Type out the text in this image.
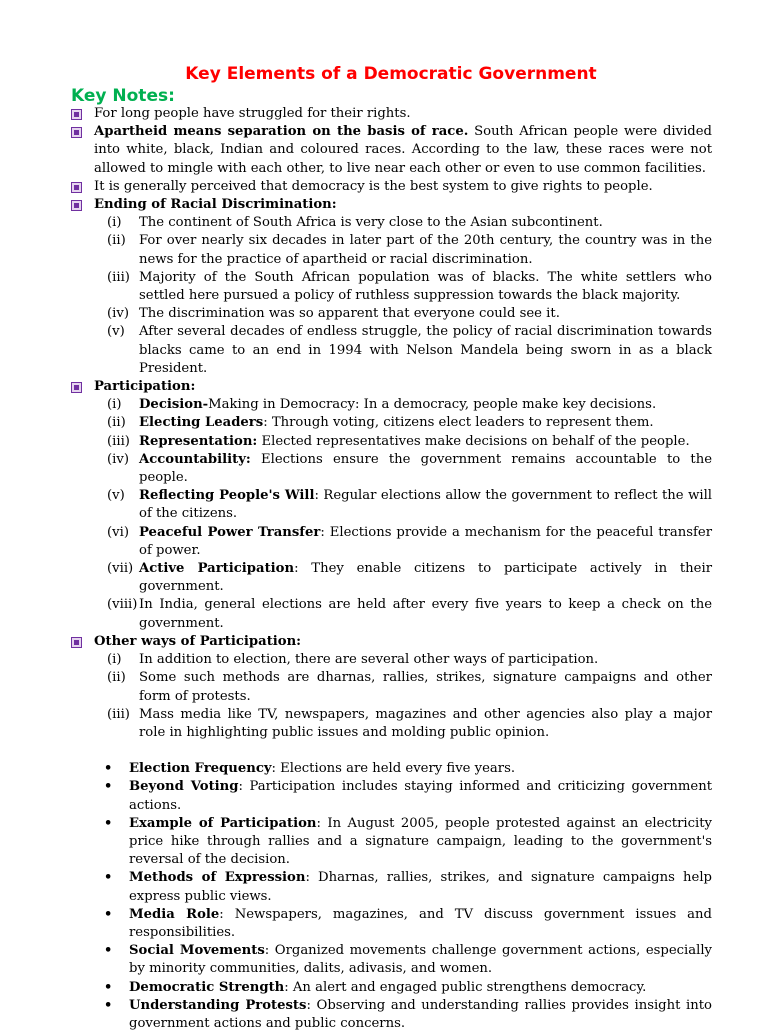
Key Elements of a Democratic Government
Key Notes:
For long people have struggled for their rights.
Apartheid means separation on the basis of race. South African people were divided into white, black, Indian and coloured races. According to the law, these races were not allowed to mingle with each other, to live near each other or even to use common facilities.
It is generally perceived that democracy is the best system to give rights to people.
Ending of Racial Discrimination:
(i) The continent of South Africa is very close to the Asian subcontinent.
(ii) For over nearly six decades in later part of the 20th century, the country was in the news for the practice of apartheid or racial discrimination.
(iii) Majority of the South African population was of blacks. The white settlers who settled here pursued a policy of ruthless suppression towards the black majority.
(iv) The discrimination was so apparent that everyone could see it.
(v) After several decades of endless struggle, the policy of racial discrimination towards blacks came to an end in 1994 with Nelson Mandela being sworn in as a black President.
Participation:
(i) Decision-Making in Democracy: In a democracy, people make key decisions.
(ii) Electing Leaders: Through voting, citizens elect leaders to represent them.
(iii) Representation: Elected representatives make decisions on behalf of the people.
(iv) Accountability: Elections ensure the government remains accountable to the people.
(v) Reflecting People's Will: Regular elections allow the government to reflect the will of the citizens.
(vi) Peaceful Power Transfer: Elections provide a mechanism for the peaceful transfer of power.
(vii) Active Participation: They enable citizens to participate actively in their government.
(viii) In India, general elections are held after every five years to keep a check on the government.
Other ways of Participation:
(i) In addition to election, there are several other ways of participation.
(ii) Some such methods are dharnas, rallies, strikes, signature campaigns and other form of protests.
(iii) Mass media like TV, newspapers, magazines and other agencies also play a major role in highlighting public issues and molding public opinion.
• Election Frequency: Elections are held every five years.
• Beyond Voting: Participation includes staying informed and criticizing government actions.
• Example of Participation: In August 2005, people protested against an electricity price hike through rallies and a signature campaign, leading to the government's reversal of the decision.
• Methods of Expression: Dharnas, rallies, strikes, and signature campaigns help express public views.
• Media Role: Newspapers, magazines, and TV discuss government issues and responsibilities.
• Social Movements: Organized movements challenge government actions, especially by minority communities, dalits, adivasis, and women.
• Democratic Strength: An alert and engaged public strengthens democracy.
• Understanding Protests: Observing and understanding rallies provides insight into government actions and public concerns.
